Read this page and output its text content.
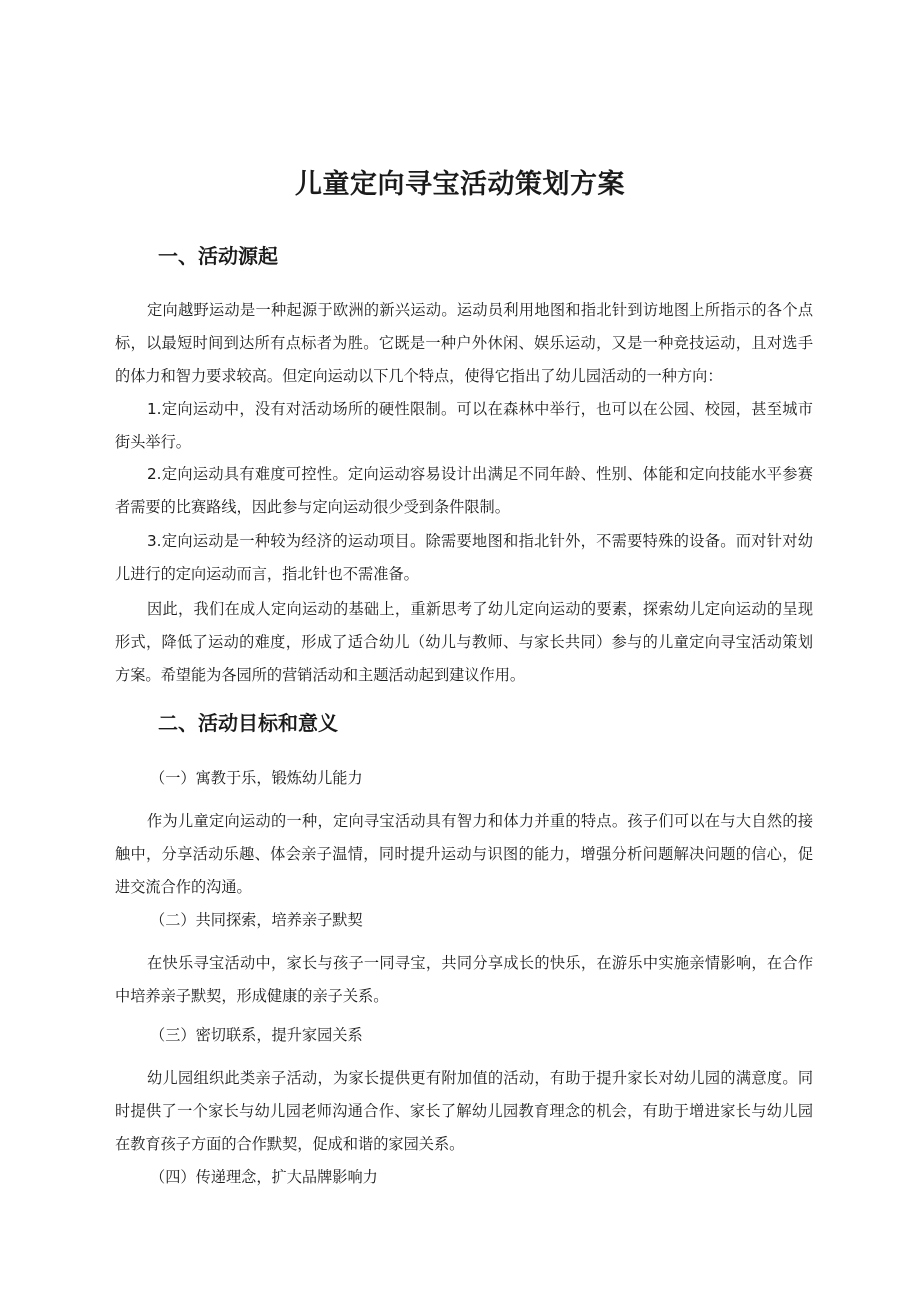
儿童定向寻宝活动策划方案
一、活动源起

定向越野运动是一种起源于欧洲的新兴运动。运动员利用地图和指北针到访地图上所指示的各个点标，以最短时间到达所有点标者为胜。它既是一种户外休闲、娱乐运动，又是一种竞技运动，且对选手的体力和智力要求较高。但定向运动以下几个特点，使得它指出了幼儿园活动的一种方向：

1.定向运动中，没有对活动场所的硬性限制。可以在森林中举行，也可以在公园、校园，甚至城市街头举行。

2.定向运动具有难度可控性。定向运动容易设计出满足不同年龄、性别、体能和定向技能水平参赛者需要的比赛路线，因此参与定向运动很少受到条件限制。

3.定向运动是一种较为经济的运动项目。除需要地图和指北针外，不需要特殊的设备。而对针对幼儿进行的定向运动而言，指北针也不需准备。

因此，我们在成人定向运动的基础上，重新思考了幼儿定向运动的要素，探索幼儿定向运动的呈现形式，降低了运动的难度，形成了适合幼儿（幼儿与教师、与家长共同）参与的儿童定向寻宝活动策划方案。希望能为各园所的营销活动和主题活动起到建议作用。

二、活动目标和意义

（一）寓教于乐，锻炼幼儿能力

作为儿童定向运动的一种，定向寻宝活动具有智力和体力并重的特点。孩子们可以在与大自然的接触中，分享活动乐趣、体会亲子温情，同时提升运动与识图的能力，增强分析问题解决问题的信心，促进交流合作的沟通。

（二）共同探索，培养亲子默契

在快乐寻宝活动中，家长与孩子一同寻宝，共同分享成长的快乐，在游乐中实施亲情影响，在合作中培养亲子默契，形成健康的亲子关系。

（三）密切联系，提升家园关系

幼儿园组织此类亲子活动，为家长提供更有附加值的活动，有助于提升家长对幼儿园的满意度。同时提供了一个家长与幼儿园老师沟通合作、家长了解幼儿园教育理念的机会，有助于增进家长与幼儿园在教育孩子方面的合作默契，促成和谐的家园关系。

（四）传递理念，扩大品牌影响力
